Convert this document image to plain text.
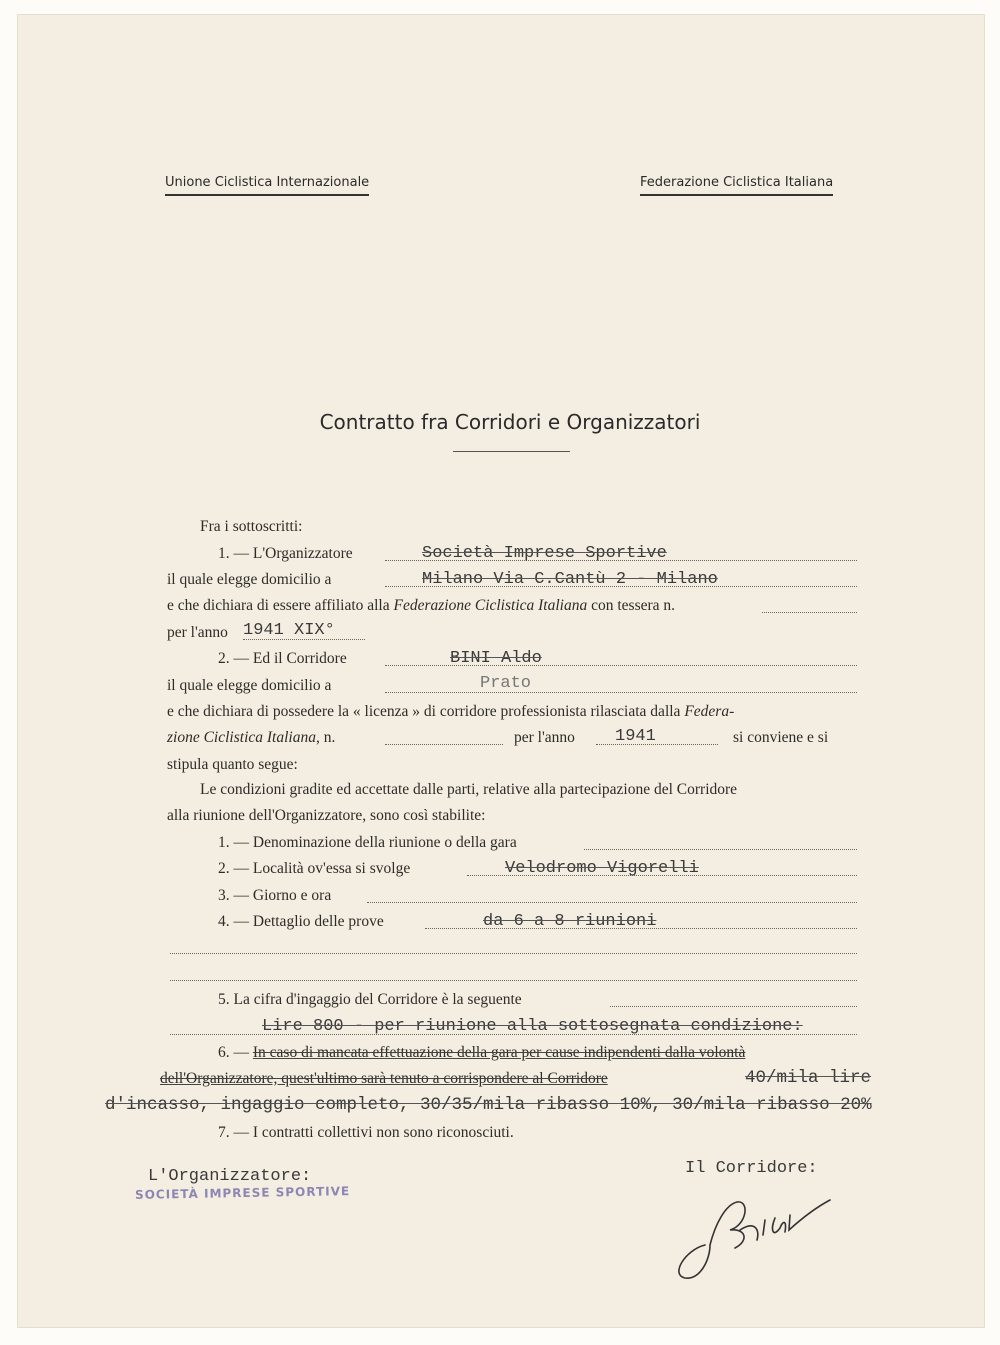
Unione Ciclistica Internazionale	Federazione Ciclistica Italiana
Contratto fra Corridori e Organizzatori
Fra i sottoscritti:
1. — L'Organizzatore	Società Imprese Sportive
il quale elegge domicilio a	Milano Via C.Cantù 2 - Milano
e che dichiara di essere affiliato alla Federazione Ciclistica Italiana con tessera n.
per l'anno 1941 XIX°
2. — Ed il Corridore	BINI Aldo
il quale elegge domicilio a	Prato
e che dichiara di possedere la « licenza » di corridore professionista rilasciata dalla Federa-
zione Ciclistica Italiana, n.	per l'anno 1941	si conviene e si
stipula quanto segue:
Le condizioni gradite ed accettate dalle parti, relative alla partecipazione del Corridore
alla riunione dell'Organizzatore, sono così stabilite:
1. — Denominazione della riunione o della gara
2. — Località ov'essa si svolge	Velodromo Vigorelli
3. — Giorno e ora
4. — Dettaglio delle prove	da 6 a 8 riunioni
5. La cifra d'ingaggio del Corridore è la seguente
Lire 800 - per riunione alla sottosegnata condizione:
6. — In caso di mancata effettuazione della gara per cause indipendenti dalla volontà
dell'Organizzatore, quest'ultimo sarà tenuto a corrispondere al Corridore	40/mila lire
d'incasso, ingaggio completo, 30/35/mila ribasso 10%, 30/mila ribasso 20%
7. — I contratti collettivi non sono riconosciuti.
L'Organizzatore:
SOCIETÀ IMPRESE SPORTIVE
Il Corridore:
